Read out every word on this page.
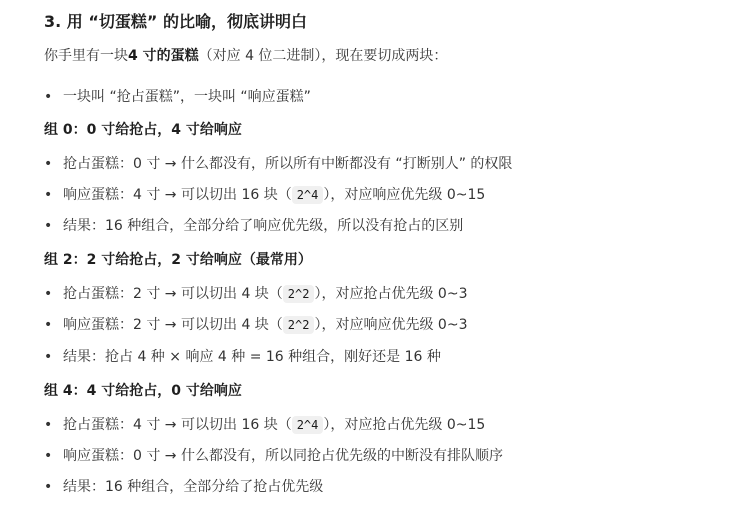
3. 用 “切蛋糕” 的比喻，彻底讲明白
你手里有一块4 寸的蛋糕（对应 4 位二进制），现在要切成两块：
• 一块叫 “抢占蛋糕”，一块叫 “响应蛋糕”
组 0：0 寸给抢占，4 寸给响应
• 抢占蛋糕：0 寸 → 什么都没有，所以所有中断都没有 “打断别人” 的权限
• 响应蛋糕：4 寸 → 可以切出 16 块（ 2^4 ），对应响应优先级 0~15
• 结果：16 种组合，全部分给了响应优先级，所以没有抢占的区别
组 2：2 寸给抢占，2 寸给响应（最常用）
• 抢占蛋糕：2 寸 → 可以切出 4 块（ 2^2 ），对应抢占优先级 0~3
• 响应蛋糕：2 寸 → 可以切出 4 块（ 2^2 ），对应响应优先级 0~3
• 结果：抢占 4 种 × 响应 4 种 = 16 种组合，刚好还是 16 种
组 4：4 寸给抢占，0 寸给响应
• 抢占蛋糕：4 寸 → 可以切出 16 块（ 2^4 ），对应抢占优先级 0~15
• 响应蛋糕：0 寸 → 什么都没有，所以同抢占优先级的中断没有排队顺序
• 结果：16 种组合，全部分给了抢占优先级
